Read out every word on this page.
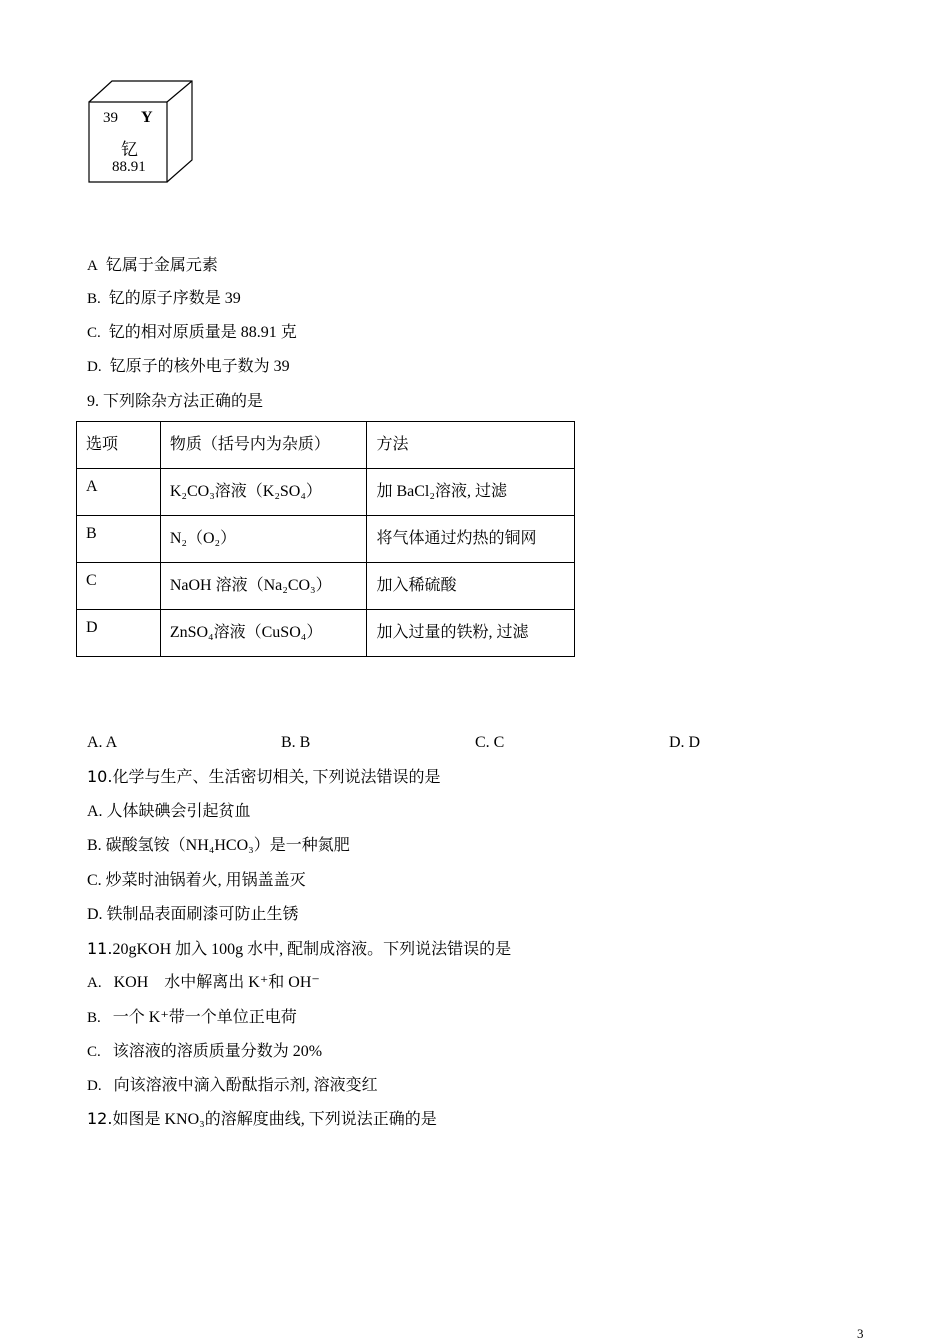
39 Y
钇
88.91
A 钇属于金属元素
B. 钇的原子序数是 39
C. 钇的相对原质量是 88.91 克
D. 钇原子的核外电子数为 39
9. 下列除杂方法正确的是
选项	物质（括号内为杂质）	方法
A	K₂CO₃溶液（K₂SO₄）	加 BaCl₂溶液, 过滤
B	N₂（O₂）	将气体通过灼热的铜网
C	NaOH 溶液（Na₂CO₃）	加入稀硫酸
D	ZnSO₄溶液（CuSO₄）	加入过量的铁粉, 过滤
A. A	B. B	C. C	D. D
10.化学与生产、生活密切相关, 下列说法错误的是
A. 人体缺碘会引起贫血
B. 碳酸氢铵（NH₄HCO₃）是一种氮肥
C. 炒菜时油锅着火, 用锅盖盖灭
D. 铁制品表面刷漆可防止生锈
11.20gKOH 加入 100g 水中, 配制成溶液。下列说法错误的是
A. KOH　水中解离出 K⁺和 OH⁻
B. 一个 K⁺带一个单位正电荷
C. 该溶液的溶质质量分数为 20%
D. 向该溶液中滴入酚酞指示剂, 溶液变红
12.如图是 KNO₃的溶解度曲线, 下列说法正确的是
3
